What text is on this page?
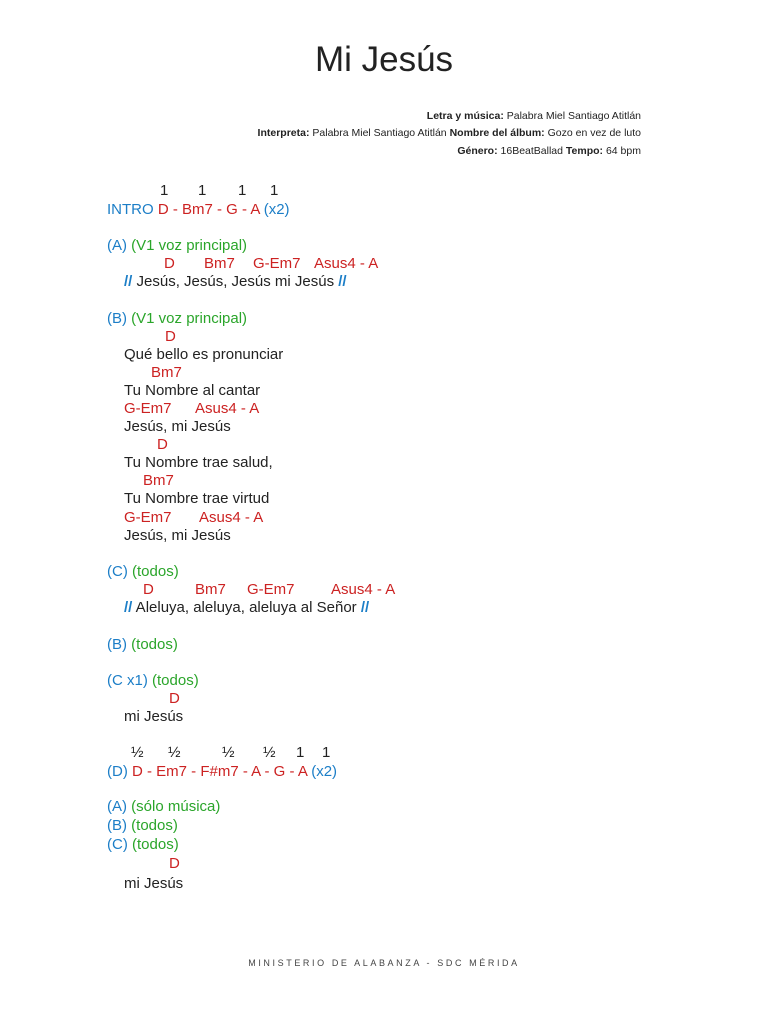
Mi Jesús
Letra y música: Palabra Miel Santiago Atitlán
Interpreta: Palabra Miel Santiago Atitlán Nombre del álbum: Gozo en vez de luto
Género: 16BeatBallad Tempo: 64 bpm
1 1 1 1
INTRO D - Bm7 - G - A (x2)
(A) (V1 voz principal)
D Bm7 G-Em7 Asus4 - A
// Jesús, Jesús, Jesús mi Jesús //
(B) (V1 voz principal)
D
Qué bello es pronunciar
Bm7
Tu Nombre al cantar
G-Em7 Asus4 - A
Jesús, mi Jesús
D
Tu Nombre trae salud,
Bm7
Tu Nombre trae virtud
G-Em7 Asus4 - A
Jesús, mi Jesús
(C) (todos)
D	Bm7 G-Em7 Asus4 - A
// Aleluya, aleluya, aleluya al Señor //
(B) (todos)
(C x1) (todos)
D
mi Jesús
½ ½	½ ½ 1 1
(D) D - Em7 - F#m7 - A - G - A (x2)
(A) (sólo música)
(B) (todos)
(C) (todos)
D
mi Jesús
MINISTERIO DE ALABANZA - SDC MÉRIDA
